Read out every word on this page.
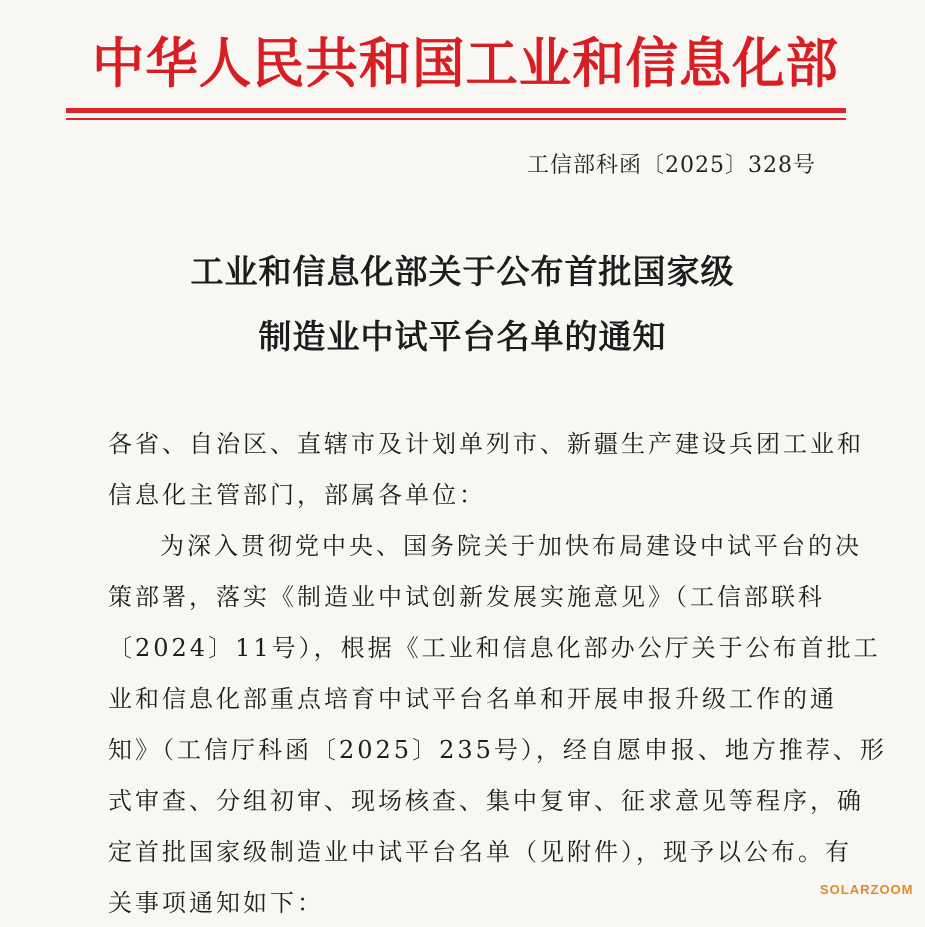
中华人民共和国工业和信息化部
工信部科函〔2025〕328号
工业和信息化部关于公布首批国家级
制造业中试平台名单的通知
各省、自治区、直辖市及计划单列市、新疆生产建设兵团工业和
信息化主管部门，部属各单位：
为深入贯彻党中央、国务院关于加快布局建设中试平台的决
策部署，落实《制造业中试创新发展实施意见》（工信部联科
〔2024〕11号），根据《工业和信息化部办公厅关于公布首批工
业和信息化部重点培育中试平台名单和开展申报升级工作的通
知》（工信厅科函〔2025〕235号），经自愿申报、地方推荐、形
式审查、分组初审、现场核查、集中复审、征求意见等程序，确
定首批国家级制造业中试平台名单（见附件），现予以公布。有
关事项通知如下：	SOLARZOOM
